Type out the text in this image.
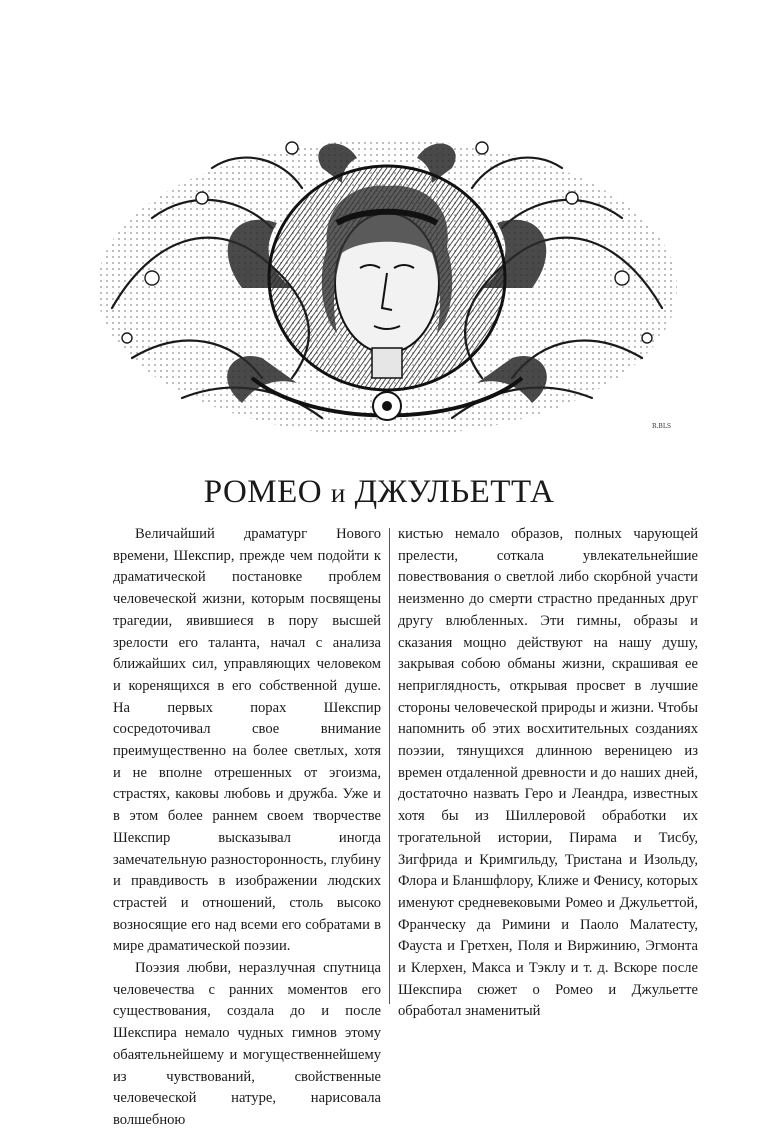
R.BLS
РОМЕО и ДЖУЛЬЕТТА

Величайший драматург Нового времени, Шекспир, прежде чем подойти к драматической постановке проблем человеческой жизни, которым посвящены трагедии, явившиеся в пору высшей зрелости его таланта, начал с анализа ближайших сил, управляющих человеком и коренящихся в его собственной душе. На первых порах Шекспир сосредоточивал свое внимание преимущественно на более светлых, хотя и не вполне отрешенных от эгоизма, страстях, каковы любовь и дружба. Уже и в этом более раннем своем творчестве Шекспир высказывал иногда замечательную разносторонность, глубину и правдивость в изображении людских страстей и отношений, столь высоко возносящие его над всеми его собратами в мире драматической поэзии.

Поэзия любви, неразлучная спутница человечества с ранних моментов его существования, создала до и после Шекспира немало чудных гимнов этому обаятельнейшему и могущественнейшему из чувствований, свойственные человеческой натуре, нарисовала волшебною

кистью немало образов, полных чарующей прелести, соткала увлекательнейшие повествования о светлой либо скорбной участи неизменно до смерти страстно преданных друг другу влюбленных. Эти гимны, образы и сказания мощно действуют на нашу душу, закрывая собою обманы жизни, скрашивая ее неприглядность, открывая просвет в лучшие стороны человеческой природы и жизни. Чтобы напомнить об этих восхитительных созданиях поэзии, тянущихся длинною вереницею из времен отдаленной древности и до наших дней, достаточно назвать Геро и Леандра, известных хотя бы из Шиллеровой обработки их трогательной истории, Пирама и Тисбу, Зигфрида и Кримгильду, Тристана и Изольду, Флора и Бланшфлору, Клиже и Фенису, которых именуют средневековыми Ромео и Джульеттой, Франческу да Римини и Паоло Малатесту, Фауста и Гретхен, Поля и Виржинию, Эгмонта и Клерхен, Макса и Тэклу и т. д. Вскоре после Шекспира сюжет о Ромео и Джульетте обработал знаменитый
